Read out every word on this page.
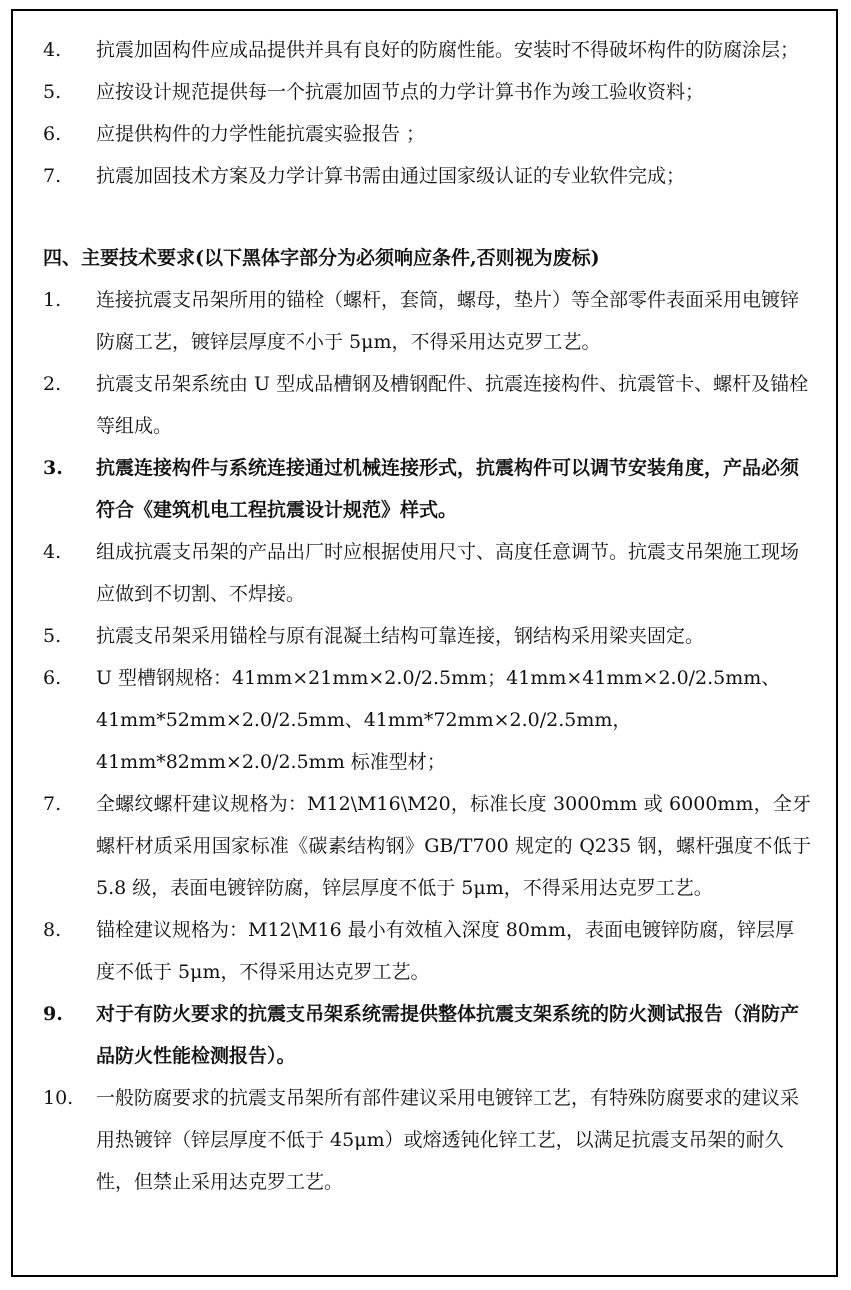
4. 抗震加固构件应成品提供并具有良好的防腐性能。安装时不得破坏构件的防腐涂层；
5. 应按设计规范提供每一个抗震加固节点的力学计算书作为竣工验收资料；
6. 应提供构件的力学性能抗震实验报告 ；
7. 抗震加固技术方案及力学计算书需由通过国家级认证的专业软件完成；
四、主要技术要求(以下黑体字部分为必须响应条件,否则视为废标)
1. 连接抗震支吊架所用的锚栓（螺杆，套筒，螺母，垫片）等全部零件表面采用电镀锌防腐工艺，镀锌层厚度不小于 5μm，不得采用达克罗工艺。
2. 抗震支吊架系统由 U 型成品槽钢及槽钢配件、抗震连接构件、抗震管卡、螺杆及锚栓等组成。
3. 抗震连接构件与系统连接通过机械连接形式，抗震构件可以调节安装角度，产品必须符合《建筑机电工程抗震设计规范》样式。
4. 组成抗震支吊架的产品出厂时应根据使用尺寸、高度任意调节。抗震支吊架施工现场应做到不切割、不焊接。
5. 抗震支吊架采用锚栓与原有混凝土结构可靠连接，钢结构采用梁夹固定。
6. U 型槽钢规格：41mm×21mm×2.0/2.5mm；41mm×41mm×2.0/2.5mm、41mm*52mm×2.0/2.5mm、41mm*72mm×2.0/2.5mm，41mm*82mm×2.0/2.5mm 标准型材；
7. 全螺纹螺杆建议规格为：M12\M16\M20，标准长度 3000mm 或 6000mm，全牙螺杆材质采用国家标准《碳素结构钢》GB/T700 规定的 Q235 钢，螺杆强度不低于 5.8 级，表面电镀锌防腐，锌层厚度不低于 5μm，不得采用达克罗工艺。
8. 锚栓建议规格为：M12\M16 最小有效植入深度 80mm，表面电镀锌防腐，锌层厚度不低于 5μm，不得采用达克罗工艺。
9. 对于有防火要求的抗震支吊架系统需提供整体抗震支架系统的防火测试报告（消防产品防火性能检测报告）。
10. 一般防腐要求的抗震支吊架所有部件建议采用电镀锌工艺，有特殊防腐要求的建议采用热镀锌（锌层厚度不低于 45μm）或熔透钝化锌工艺，以满足抗震支吊架的耐久性，但禁止采用达克罗工艺。
